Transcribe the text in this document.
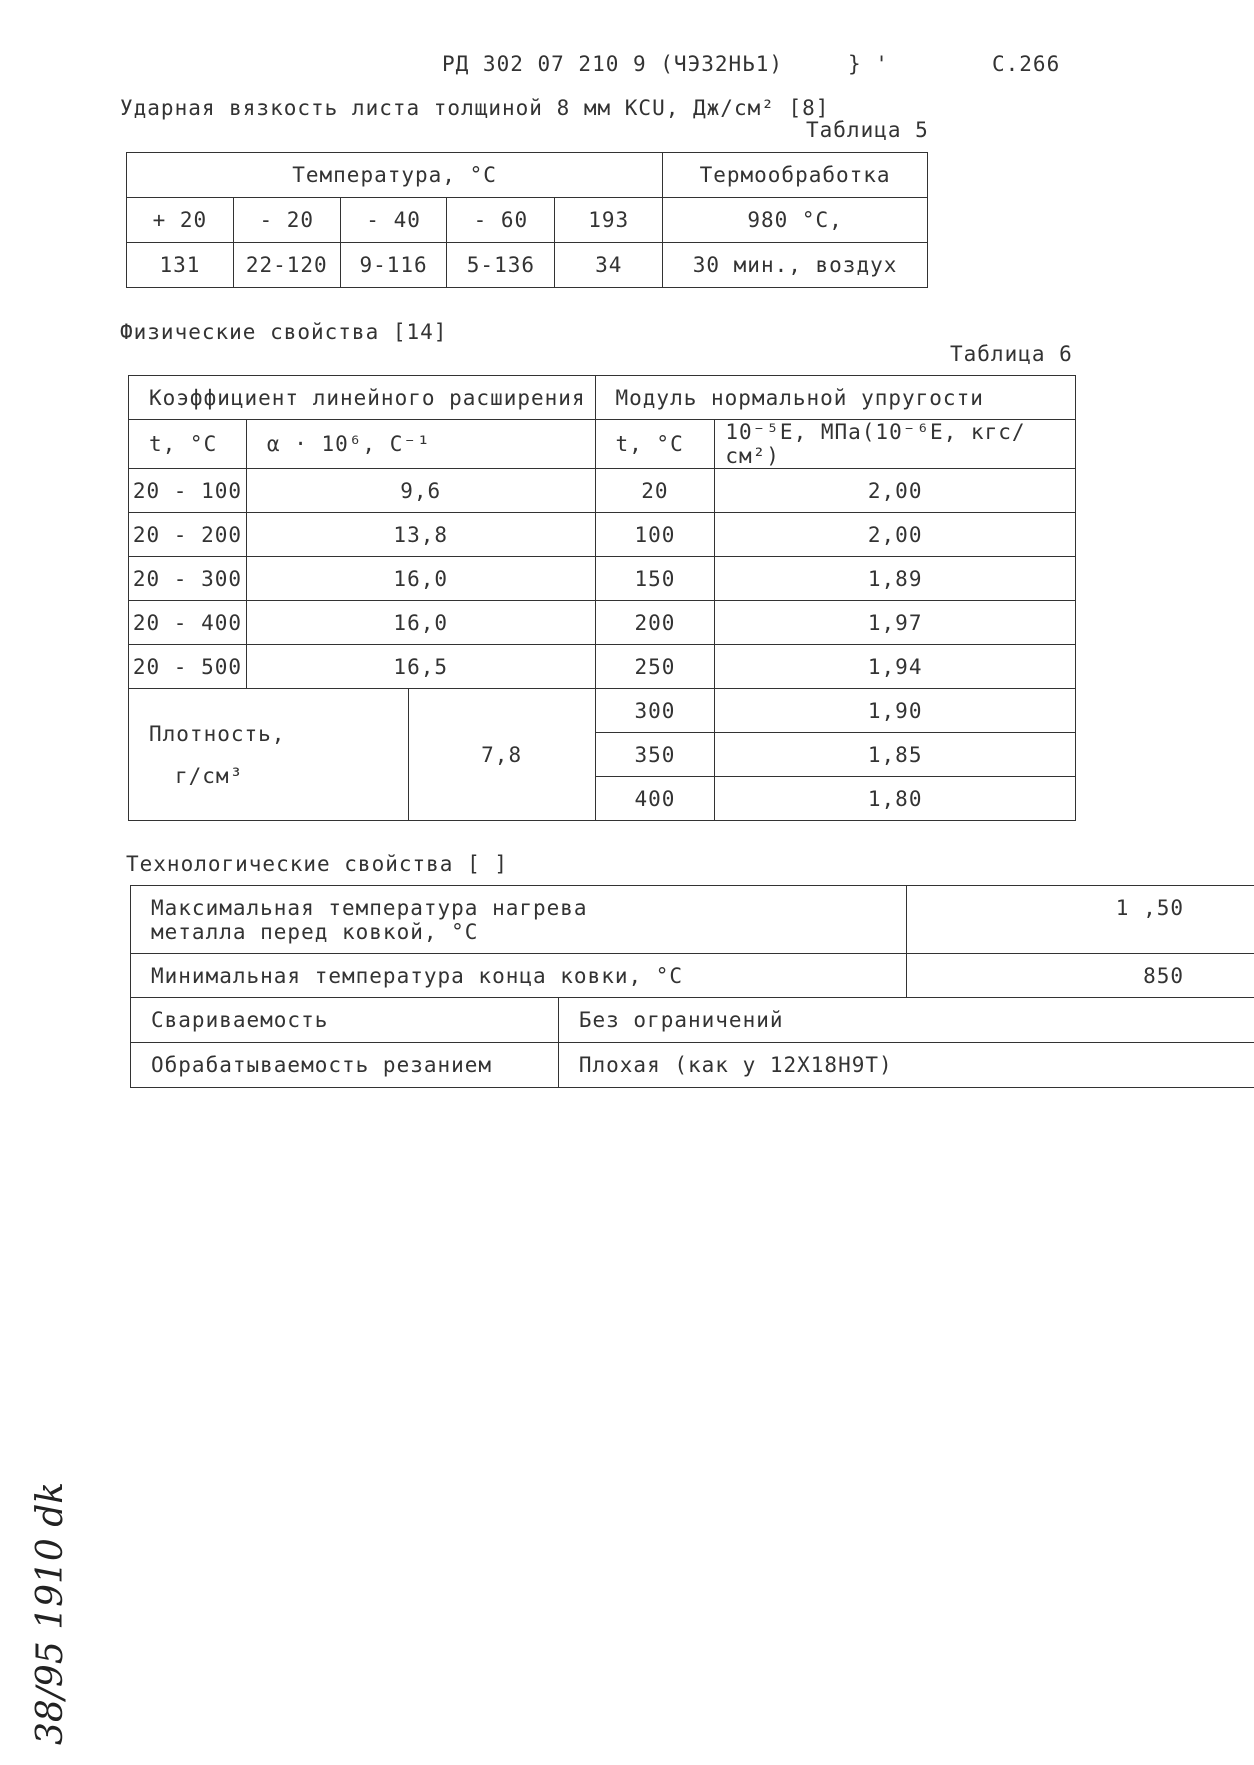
РД 302 07 210 9 (ЧЭЗ2НЬ1)	} '	С.266
Ударная вязкость листа толщиной 8 мм КСU, Дж/см² [8]
Таблица 5
Температура, °С					Термообработка
+ 20	- 20	- 40	- 60	193	980 °С,
131	22-120	9-116	5-136	34	30 мин., воздух
Физические свойства [14]
Таблица 6
Коэффициент линейного расширения			Модуль нормальной упругости	
t, °С	α · 10⁶, С⁻¹		t, °С	10⁻⁵Е, МПа(10⁻⁶Е, кгс/см²)
20 - 100	9,6		20	2,00
20 - 200	13,8		100	2,00
20 - 300	16,0		150	1,89
20 - 400	16,0		200	1,97
20 - 500	16,5		250	1,94

Плотность,
г/см³		7,8	300	1,90
			350	1,85
			400	1,80
Технологические свойства [ ]
Максимальная температура нагрева
металла перед ковкой, °С		1 ,50
Минимальная температура конца ковки, °С		850
Свариваемость	Без ограничений	
Обрабатываемость резанием	Плохая (как у 12Х18Н9Т)	
38/95 1910 dk
